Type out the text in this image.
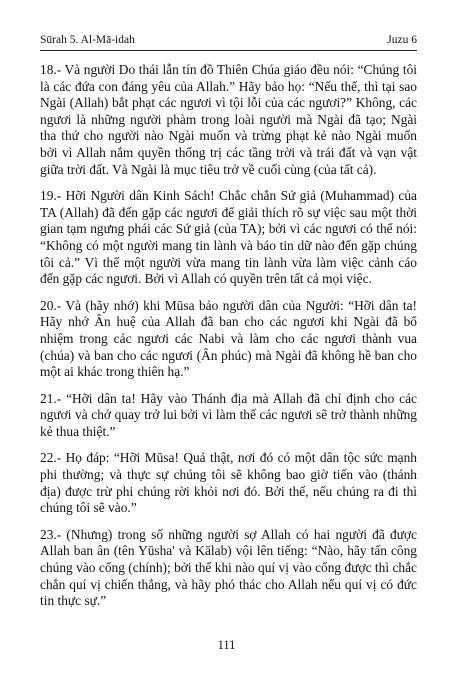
Sūrah 5. Al-Mā-idah	Juzu 6

18.- Và người Do thái lẫn tín đồ Thiên Chúa giáo đều nói: “Chúng tôi là các đứa con đáng yêu của Allah.” Hãy bảo họ: “Nếu thế, thì tại sao Ngài (Allah) bắt phạt các ngươi vì tội lỗi của các ngươi?” Không, các ngươi là những người phàm trong loài người mà Ngài đã tạo; Ngài tha thứ cho người nào Ngài muốn và trừng phạt kẻ nào Ngài muốn bởi vì Allah nắm quyền thống trị các tầng trời và trái đất và vạn vật giữa trời đất. Và Ngài là mục tiêu trở về cuối cùng (của tất cả).

19.- Hỡi Người dân Kinh Sách! Chắc chắn Sứ giả (Muhammad) của TA (Allah) đã đến gặp các ngươi để giải thích rõ sự việc sau một thời gian tạm ngưng phái các Sứ giả (của TA); bởi vì các ngươi có thể nói: “Không có một người mang tin lành và báo tin dữ nào đến gặp chúng tôi cả.” Vì thế một người vừa mang tin lành vừa làm việc cảnh cáo đến gặp các ngươi. Bởi vì Allah có quyền trên tất cả mọi việc.

20.- Và (hãy nhớ) khi Mūsa bảo người dân của Người: “Hỡi dân ta! Hãy nhớ Ân huệ của Allah đã ban cho các ngươi khi Ngài đã bổ nhiệm trong các ngươi các Nabi và làm cho các ngươi thành vua (chúa) và ban cho các ngươi (Ân phúc) mà Ngài đã không hề ban cho một ai khác trong thiên hạ.”

21.- “Hỡi dân ta! Hãy vào Thánh địa mà Allah đã chỉ định cho các ngươi và chớ quay trở lui bởi vì làm thế các ngươi sẽ trở thành những kẻ thua thiệt.”

22.- Họ đáp: “Hỡi Mūsa! Quả thật, nơi đó có một dân tộc sức mạnh phi thường; và thực sự chúng tôi sẽ không bao giờ tiến vào (thánh địa) được trừ phi chúng rời khỏi nơi đó. Bởi thế, nếu chúng ra đi thì chúng tôi sẽ vào.”

23.- (Nhưng) trong số những người sợ Allah có hai người đã được Allah ban ân (tên Yūsha' và Kālab) vội lên tiếng: “Nào, hãy tấn công chúng vào cổng (chính); bởi thế khi nào quí vị vào cổng được thì chắc chắn quí vị chiến thắng, và hãy phó thác cho Allah nếu quí vị có đức tin thực sự.”

111
